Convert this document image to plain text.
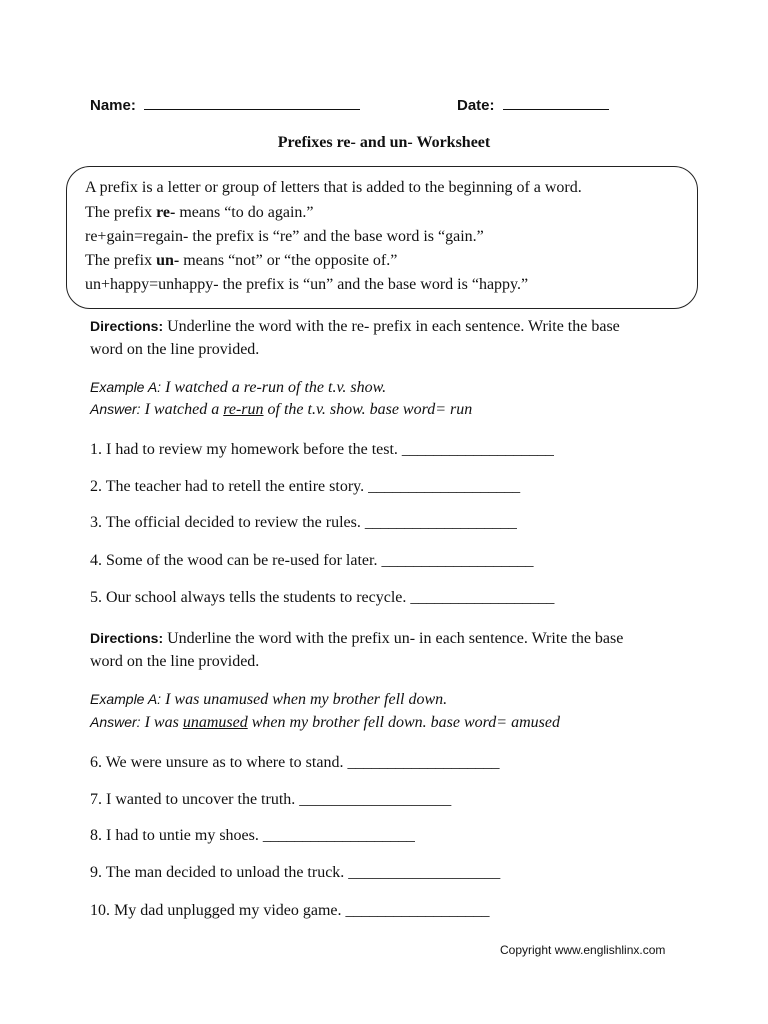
Name:	Date:
Prefixes re- and un- Worksheet
A prefix is a letter or group of letters that is added to the beginning of a word.
The prefix re- means “to do again.”
re+gain=regain- the prefix is “re” and the base word is “gain.”
The prefix un- means “not” or “the opposite of.”
un+happy=unhappy- the prefix is “un” and the base word is “happy.”
Directions: Underline the word with the re- prefix in each sentence. Write the base
word on the line provided.
Example A: I watched a re-run of the t.v. show.
Answer: I watched a re-run of the t.v. show. base word= run
1. I had to review my homework before the test. ___________________
2. The teacher had to retell the entire story. ___________________
3. The official decided to review the rules. ___________________
4. Some of the wood can be re-used for later. ___________________
5. Our school always tells the students to recycle. __________________
Directions: Underline the word with the prefix un- in each sentence. Write the base
word on the line provided.
Example A: I was unamused when my brother fell down.
Answer: I was unamused when my brother fell down. base word= amused
6. We were unsure as to where to stand. ___________________
7. I wanted to uncover the truth. ___________________
8. I had to untie my shoes. ___________________
9. The man decided to unload the truck. ___________________
10. My dad unplugged my video game. __________________
Copyright www.englishlinx.com
